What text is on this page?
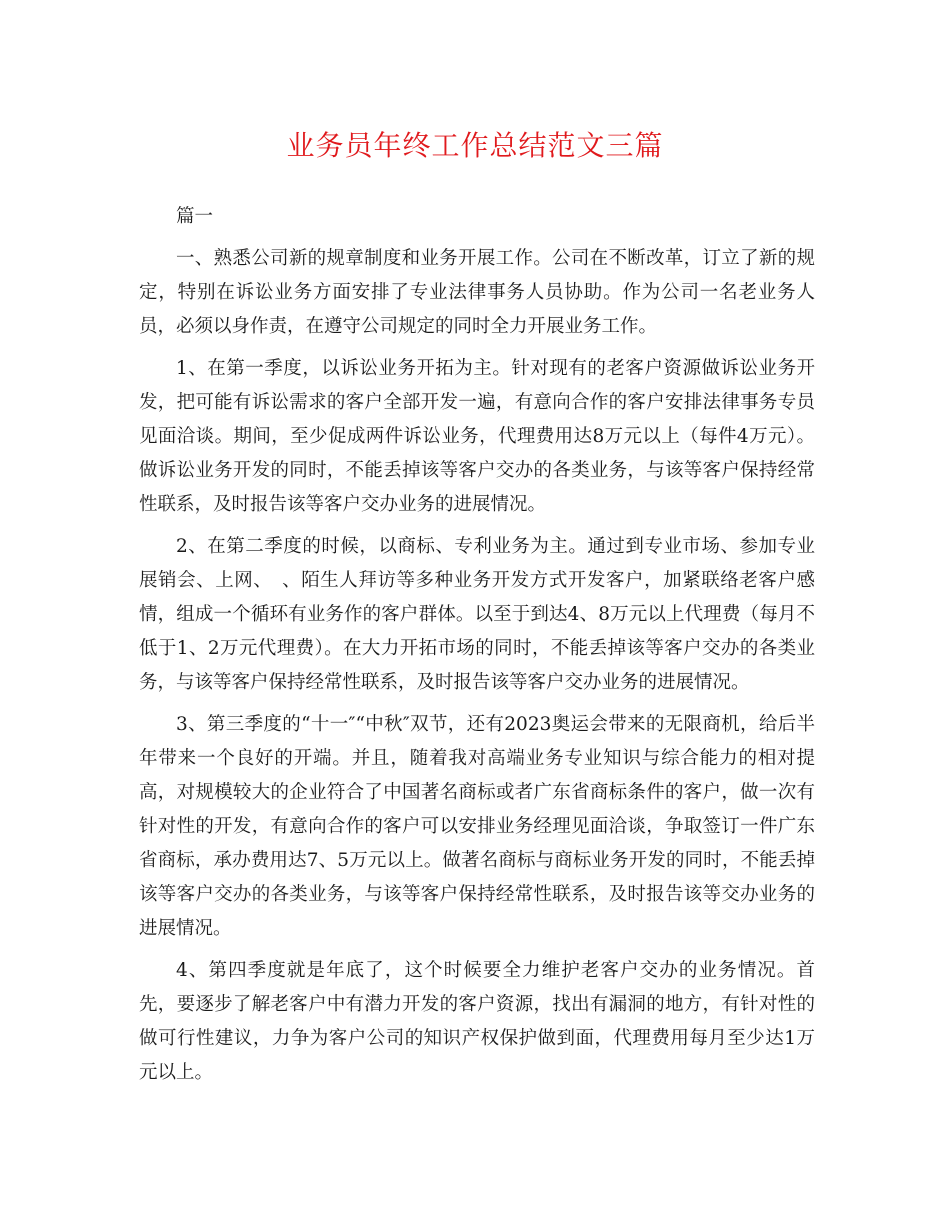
业务员年终工作总结范文三篇

篇一

一、熟悉公司新的规章制度和业务开展工作。公司在不断改革，订立了新的规定，特别在诉讼业务方面安排了专业法律事务人员协助。作为公司一名老业务人员，必须以身作责，在遵守公司规定的同时全力开展业务工作。

1、在第一季度，以诉讼业务开拓为主。针对现有的老客户资源做诉讼业务开发，把可能有诉讼需求的客户全部开发一遍，有意向合作的客户安排法律事务专员见面洽谈。期间，至少促成两件诉讼业务，代理费用达8万元以上（每件4万元）。做诉讼业务开发的同时，不能丢掉该等客户交办的各类业务，与该等客户保持经常性联系，及时报告该等客户交办业务的进展情况。

2、在第二季度的时候，以商标、专利业务为主。通过到专业市场、参加专业展销会、上网、　、陌生人拜访等多种业务开发方式开发客户，加紧联络老客户感情，组成一个循环有业务作的客户群体。以至于到达4、8万元以上代理费（每月不低于1、2万元代理费）。在大力开拓市场的同时，不能丢掉该等客户交办的各类业务，与该等客户保持经常性联系，及时报告该等客户交办业务的进展情况。

3、第三季度的“十一″“中秋″双节，还有2023奥运会带来的无限商机，给后半年带来一个良好的开端。并且，随着我对高端业务专业知识与综合能力的相对提高，对规模较大的企业符合了中国著名商标或者广东省商标条件的客户，做一次有针对性的开发，有意向合作的客户可以安排业务经理见面洽谈，争取签订一件广东省商标，承办费用达7、5万元以上。做著名商标与商标业务开发的同时，不能丢掉该等客户交办的各类业务，与该等客户保持经常性联系，及时报告该等交办业务的进展情况。

4、第四季度就是年底了，这个时候要全力维护老客户交办的业务情况。首先，要逐步了解老客户中有潜力开发的客户资源，找出有漏洞的地方，有针对性的做可行性建议，力争为客户公司的知识产权保护做到面，代理费用每月至少达1万元以上。
